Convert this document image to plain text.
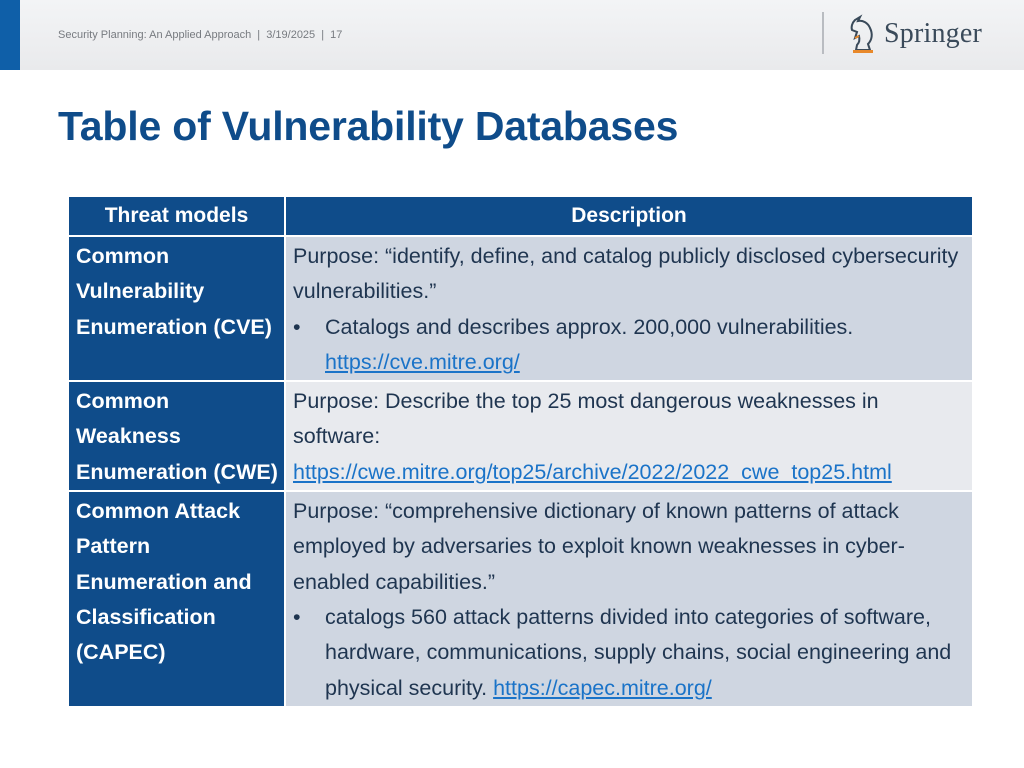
Security Planning: An Applied Approach | 3/19/2025 | 17	Springer
Table of Vulnerability Databases
Threat models	Description
Common Vulnerability Enumeration (CVE)	Purpose: “identify, define, and catalog publicly disclosed cybersecurity vulnerabilities.”
• Catalogs and describes approx. 200,000 vulnerabilities.
https://cve.mitre.org/

Common Weakness Enumeration (CWE)	Purpose: Describe the top 25 most dangerous weaknesses in software:
https://cwe.mitre.org/top25/archive/2022/2022_cwe_top25.html
Common Attack Pattern Enumeration and Classification (CAPEC)	Purpose: “comprehensive dictionary of known patterns of attack employed by adversaries to exploit known weaknesses in cyber-enabled capabilities.”
• catalogs 560 attack patterns divided into categories of software, hardware, communications, supply chains, social engineering and physical security. https://capec.mitre.org/
